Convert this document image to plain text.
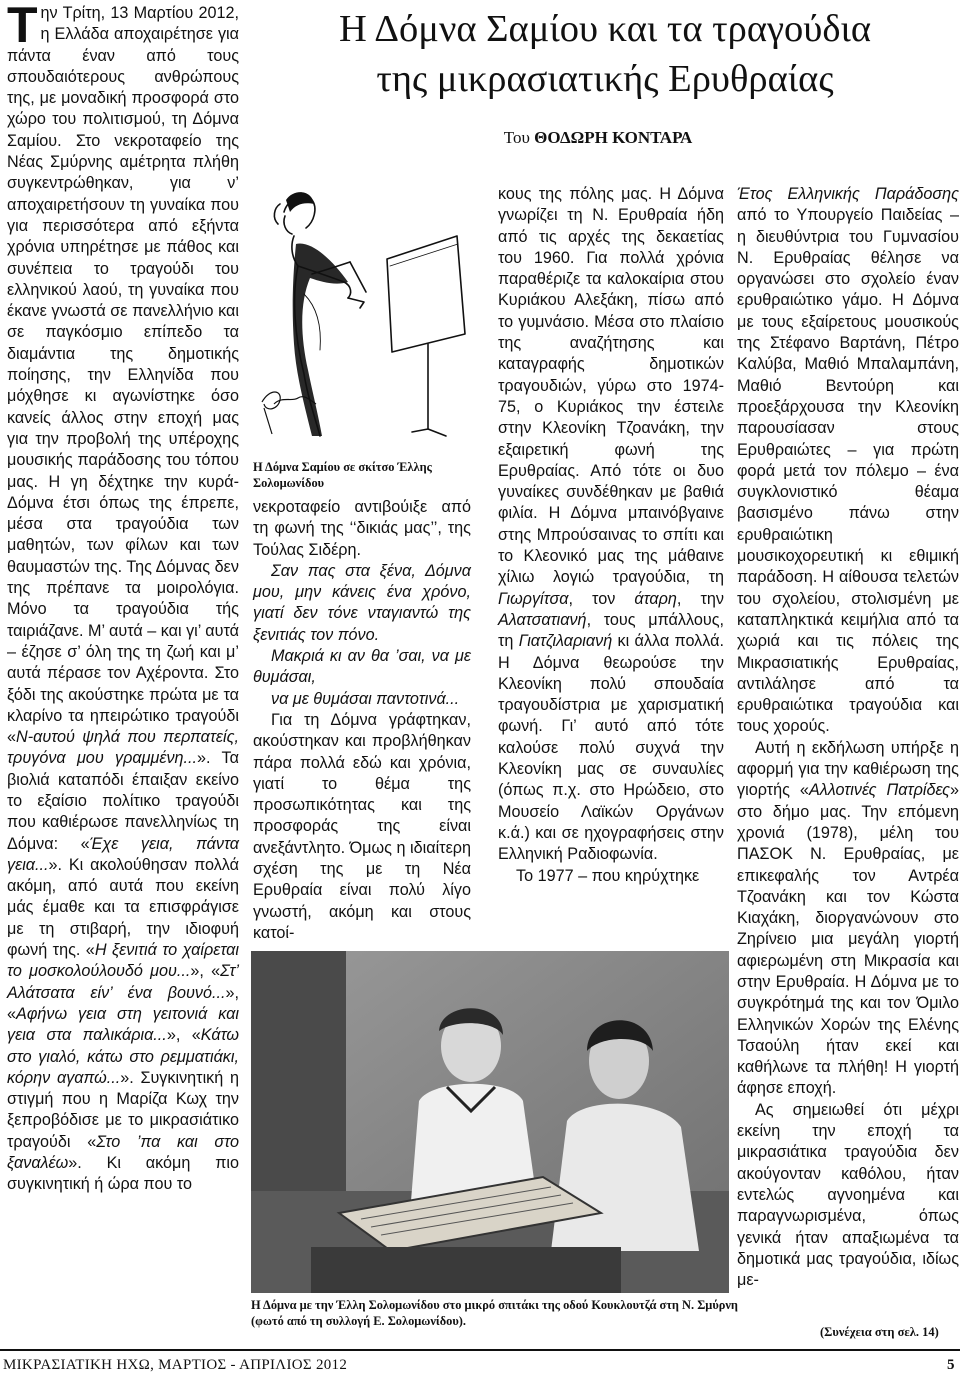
Την Τρίτη, 13 Μαρτίου 2012, η Ελλάδα αποχαιρέτησε για πάντα έναν από τους σπουδαιότερους ανθρώπους της, με μοναδική προσφορά στο χώρο του πολιτισμού, τη Δόμνα Σαμίου. Στο νεκροταφείο της Νέας Σμύρνης αμέτρητα πλήθη συγκεντρώθηκαν, για ν’ αποχαιρετήσουν τη γυναίκα που για περισσότερα από εξήντα χρόνια υπηρέτησε με πάθος και συνέπεια το τραγούδι του ελληνικού λαού, τη γυναίκα που έκανε γνωστά σε πανελλήνιο και σε παγκόσμιο επίπεδο τα διαμάντια της δημοτικής ποίησης, την Ελληνίδα που μόχθησε κι αγωνίστηκε όσο κανείς άλλος στην εποχή μας για την προβολή της υπέροχης μουσικής παράδοσης του τόπου μας. Η γη δέχτηκε την κυρά-Δόμνα έτσι όπως της έπρεπε, μέσα στα τραγούδια των μαθητών, των φίλων και των θαυμαστών της. Της Δόμνας δεν της πρέπανε τα μοιρολόγια. Μόνο τα τραγούδια τής ταιριάζανε. Μ’ αυτά – και γι’ αυτά – έζησε σ’ όλη της τη ζωή και μ’ αυτά πέρασε τον Αχέροντα. Στο ξόδι της ακούστηκε πρώτα με τα κλαρίνο τα ηπειρώτικο τραγούδι «Ν-αυτού ψηλά που περπατείς, τρυγόνα μου γραμμένη...». Τα βιολιά καταπόδι έπαιξαν εκείνο το εξαίσιο πολίτικο τραγούδι που καθιέρωσε πανελληνίως τη Δόμνα: «Έχε γεια, πάντα γεια...». Κι ακολούθησαν πολλά ακόμη, από αυτά που εκείνη μάς έμαθε και τα επισφράγισε με τη στιβαρή, την ιδιοφυή φωνή της. «Η ξενιτιά το χαίρεται το μοσκολούλουδό μου...», «Στ’ Αλάτσατα είν’ ένα βουνό...», «Αφήνω γεια στη γειτονιά και γεια στα παλικάρια...», «Κάτω στο γιαλό, κάτω στο ρεμματιάκι, κόρην αγαπώ...». Συγκινητική η στιγμή που η Μαρίζα Κωχ την ξεπροβόδισε με το μικρασιάτικο τραγούδι «Στο ’πα και στο ξαναλέω». Κι ακόμη πιο συγκινητική ή ώρα που το

Η Δόμνα Σαμίου και τα τραγούδια
της μικρασιατικής Ερυθραίας
Του ΘΟΔΩΡΗ ΚΟΝΤΑΡΑ
Η Δόμνα Σαμίου σε σκίτσο Έλλης Σολομωνίδου

νεκροταφείο αντιβούιξε από τη φωνή της ‘‘δικιάς μας’’, της Τούλας Σιδέρη.

Σαν πας στα ξένα, Δόμνα μου, μην κάνεις ένα χρόνο, γιατί δεν τόνε νταγιαντώ της ξενιτιάς τον πόνο.

Μακριά κι αν θα ’σαι, να με θυμάσαι,

να με θυμάσαι παντοτινά...

Για τη Δόμνα γράφτηκαν, ακούστηκαν και προβλήθηκαν πάρα πολλά εδώ και χρόνια, γιατί το θέμα της προσωπικότητας και της προσφοράς της είναι ανεξάντλητο. Όμως η ιδιαίτερη σχέση της με τη Νέα Ερυθραία είναι πολύ λίγο γνωστή, ακόμη και στους κατοί-

κους της πόλης μας. Η Δόμνα γνωρίζει τη Ν. Ερυθραία ήδη από τις αρχές της δεκαετίας του 1960. Για πολλά χρόνια παραθέριζε τα καλοκαίρια στου Κυριάκου Αλεξάκη, πίσω από το γυμνάσιο. Μέσα στο πλαίσιο της αναζήτησης και καταγραφής δημοτικών τραγουδιών, γύρω στο 1974-75, ο Κυριάκος την έστειλε στην Κλεονίκη Τζοανάκη, την εξαιρετική φωνή της Ερυθραίας. Από τότε οι δυο γυναίκες συνδέθηκαν με βαθιά φιλία. Η Δόμνα μπαινόβγαινε στης Μπρούσαινας το σπίτι και το Κλεονικό μας της μάθαινε χίλιω λογιώ τραγούδια, τη Γιωργίτσα, τον άταρη, την Αλατσατιανή, τους μπάλλους, τη Γιατζιλαριανή κι άλλα πολλά. Η Δόμνα θεωρούσε την Κλεονίκη πολύ σπουδαία τραγουδίστρια με χαρισματική φωνή. Γι’ αυτό από τότε καλούσε πολύ συχνά την Κλεονίκη μας σε συναυλίες (όπως π.χ. στο Ηρώδειο, στο Μουσείο Λαϊκών Οργάνων κ.ά.) και σε ηχογραφήσεις στην Ελληνική Ραδιοφωνία.

Το 1977 – που κηρύχτηκε

Έτος Ελληνικής Παράδοσης από το Υπουργείο Παιδείας – η διευθύντρια του Γυμνασίου Ν. Ερυθραίας θέλησε να οργανώσει στο σχολείο έναν ερυθραιώτικο γάμο. Η Δόμνα με τους εξαίρετους μουσικούς της Στέφανο Βαρτάνη, Πέτρο Καλύβα, Μαθιό Μπαλαμπάνη, Μαθιό Βεντούρη και προεξάρχουσα την Κλεονίκη παρουσίασαν στους Ερυθραιώτες – για πρώτη φορά μετά τον πόλεμο – ένα συγκλονιστικό θέαμα βασισμένο πάνω στην ερυθραιώτικη μουσικοχορευτική κι εθιμική παράδοση. Η αίθουσα τελετών του σχολείου, στολισμένη με καταπληκτικά κειμήλια από τα χωριά και τις πόλεις της Μικρασιατικής Ερυθραίας, αντιλάλησε από τα ερυθραιώτικα τραγούδια και τους χορούς.

Αυτή η εκδήλωση υπήρξε η αφορμή για την καθιέρωση της γιορτής «Αλλοτινές Πατρίδες» στο δήμο μας. Την επόμενη χρονιά (1978), μέλη του ΠΑΣΟΚ Ν. Ερυθραίας, με επικεφαλής τον Αντρέα Τζοανάκη και τον Κώστα Κιαχάκη, διοργανώνουν στο Ζηρίνειο μια μεγάλη γιορτή αφιερωμένη στη Μικρασία και στην Ερυθραία. Η Δόμνα με το συγκρότημά της και τον Όμιλο Ελληνικών Χορών της Ελένης Τσαούλη ήταν εκεί και καθήλωνε τα πλήθη! Η γιορτή άφησε εποχή.

Ας σημειωθεί ότι μέχρι εκείνη την εποχή τα μικρασιάτικα τραγούδια δεν ακούγονταν καθόλου, ήταν εντελώς αγνοημένα και παραγνωρισμένα, όπως γενικά ήταν απαξιωμένα τα δημοτικά μας τραγούδια, ιδίως με-

Η Δόμνα με την Έλλη Σολομωνίδου στο μικρό σπιτάκι της οδού Κουκλουτζά στη Ν. Σμύρνη (φωτό από τη συλλογή Ε. Σολομωνίδου).
(Συνέχεια στη σελ. 14)
ΜΙΚΡΑΣΙΑΤΙΚΗ ΗΧΩ, ΜΑΡΤΙΟΣ - ΑΠΡΙΛΙΟΣ 2012	5
